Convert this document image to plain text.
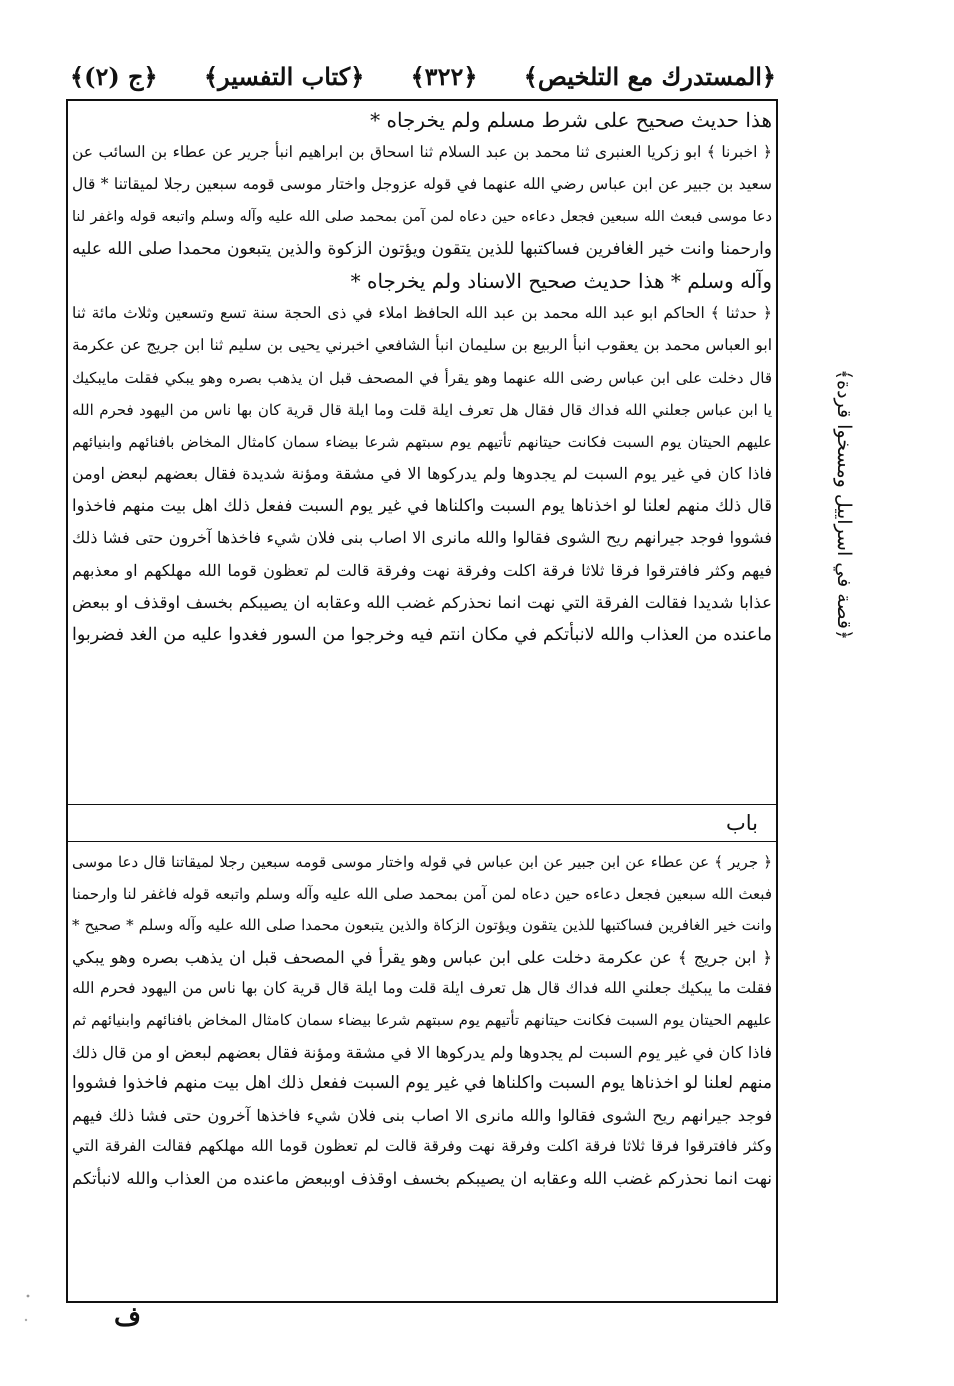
﴿المستدرك مع التلخيص﴾
﴿٣٢٢﴾
﴿كتاب التفسير﴾
﴿ج (٢)﴾
هذا حديث صحيح على شرط مسلم ولم يخرجاه *
﴿ اخبرنا ﴾ ابو زكريا العنبرى ثنا محمد بن عبد السلام ثنا اسحاق بن ابراهيم انبأ جرير عن عطاء بن السائب عن
سعيد بن جبير عن ابن عباس رضي الله عنهما في قوله عزوجل واختار موسى قومه سبعين رجلا لميقاتنا * قال
دعا موسى فبعث الله سبعين فجعل دعاءه حين دعاه لمن آمن بمحمد صلى الله عليه وآله وسلم واتبعه قوله واغفر لنا
وارحمنا وانت خير الغافرين فساكتبها للذين يتقون ويؤتون الزكوة والذين يتبعون محمدا صلى الله عليه
وآله وسلم * هذا حديث صحيح الاسناد ولم يخرجاه *
﴿ حدثنا ﴾ الحاكم ابو عبد الله محمد بن عبد الله الحافظ املاء في ذى الحجة سنة تسع وتسعين وثلاث مائة ثنا
ابو العباس محمد بن يعقوب انبأ الربيع بن سليمان انبأ الشافعي اخبرني يحيى بن سليم ثنا ابن جريج عن عكرمة
قال دخلت على ابن عباس رضى الله عنهما وهو يقرأ في المصحف قبل ان يذهب بصره وهو يبكي فقلت مايبكيك
يا ابن عباس جعلني الله فداك قال فقال هل تعرف ايلة قلت وما ايلة قال قرية كان بها ناس من اليهود فحرم الله
عليهم الحيتان يوم السبت فكانت حيتانهم تأتيهم يوم سبتهم شرعا بيضاء سمان كامثال المخاض بافنائهم وابنيائهم
فاذا كان في غير يوم السبت لم يجدوها ولم يدركوها الا في مشقة ومؤنة شديدة فقال بعضهم لبعض اومن
قال ذلك منهم لعلنا لو اخذناها يوم السبت واكلناها في غير يوم السبت ففعل ذلك اهل بيت منهم فاخذوا
فشووا فوجد جيرانهم ريح الشوى فقالوا والله مانرى الا اصاب بنى فلان شيء فاخذها آخرون حتى فشا ذلك
فيهم وكثر فافترقوا فرقا ثلاثا فرقة اكلت وفرقة نهت وفرقة قالت لم تعظون قوما الله مهلكهم او معذبهم
عذابا شديدا فقالت الفرقة التي نهت انما نحذركم غضب الله وعقابه ان يصيبكم بخسف اوقذف او ببعض
ماعنده من العذاب والله لانبأتكم في مكان انتم فيه وخرجوا من السور فغدوا عليه من الغد فضربوا
باب
﴿ جرير ﴾ عن عطاء عن ابن جبير عن ابن عباس في قوله واختار موسى قومه سبعين رجلا لميقاتنا قال دعا موسى
فبعث الله سبعين فجعل دعاءه حين دعاه لمن آمن بمحمد صلى الله عليه وآله وسلم واتبعه قوله فاغفر لنا وارحمنا
وانت خير الغافرين فساكتبها للذين يتقون ويؤتون الزكاة والذين يتبعون محمدا صلى الله عليه وآله وسلم * صحيح *
﴿ ابن جريج ﴾ عن عكرمة دخلت على ابن عباس وهو يقرأ في المصحف قبل ان يذهب بصره وهو يبكي
فقلت ما يبكيك جعلني الله فداك قال هل تعرف ايلة قلت وما ايلة قال قرية كان بها ناس من اليهود فحرم الله
عليهم الحيتان يوم السبت فكانت حيتانهم تأتيهم يوم سبتهم شرعا بيضاء سمان كامثال المخاض بافنائهم وابنيائهم ثم
فاذا كان في غير يوم السبت لم يجدوها ولم يدركوها الا في مشقة ومؤنة فقال بعضهم لبعض او من قال ذلك
منهم لعلنا لو اخذناها يوم السبت واكلناها في غير يوم السبت ففعل ذلك اهل بيت منهم فاخذوا فشووا
فوجد جيرانهم ريح الشوى فقالوا والله مانرى الا اصاب بنى فلان شيء فاخذها آخرون حتى فشا ذلك فيهم
وكثر فافترقوا فرقا ثلاثا فرقة اكلت وفرقة نهت وفرقة قالت لم تعظون قوما الله مهلكهم فقالت الفرقة التي
نهت انما نحذركم غضب الله وعقابه ان يصيبكم بخسف اوقذف اوببعض ماعنده من العذاب والله لانبأتكم
﴿قصة في اسراييل ومسخوا قردة﴾
ف
